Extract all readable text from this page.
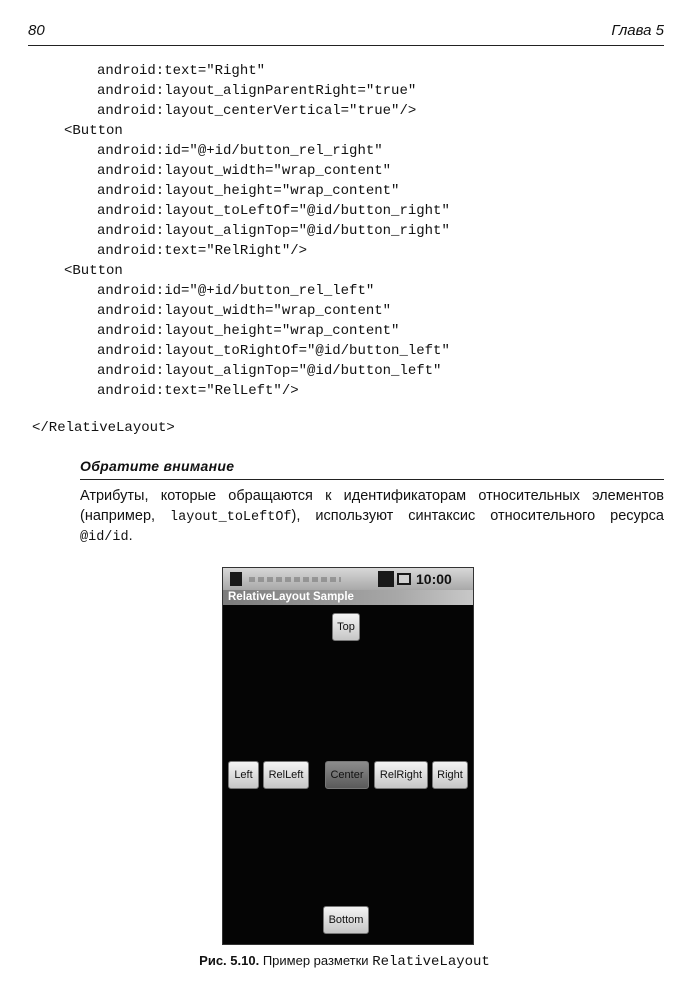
80	Глава 5
android:text="Right"
android:layout_alignParentRight="true"
android:layout_centerVertical="true"/>
<Button
android:id="@+id/button_rel_right"
android:layout_width="wrap_content"
android:layout_height="wrap_content"
android:layout_toLeftOf="@id/button_right"
android:layout_alignTop="@id/button_right"
android:text="RelRight"/>
<Button
android:id="@+id/button_rel_left"
android:layout_width="wrap_content"
android:layout_height="wrap_content"
android:layout_toRightOf="@id/button_left"
android:layout_alignTop="@id/button_left"
android:text="RelLeft"/>
</RelativeLayout>
Обратите внимание
Атрибуты, которые обращаются к идентификаторам относительных элементов
(например, layout_toLeftOf), используют синтаксис относительного ресурса
@id/id.
10:00
RelativeLayout Sample
Top
Left	RelLeft	Center	RelRight	Right
Bottom
Рис. 5.10. Пример разметки RelativeLayout
